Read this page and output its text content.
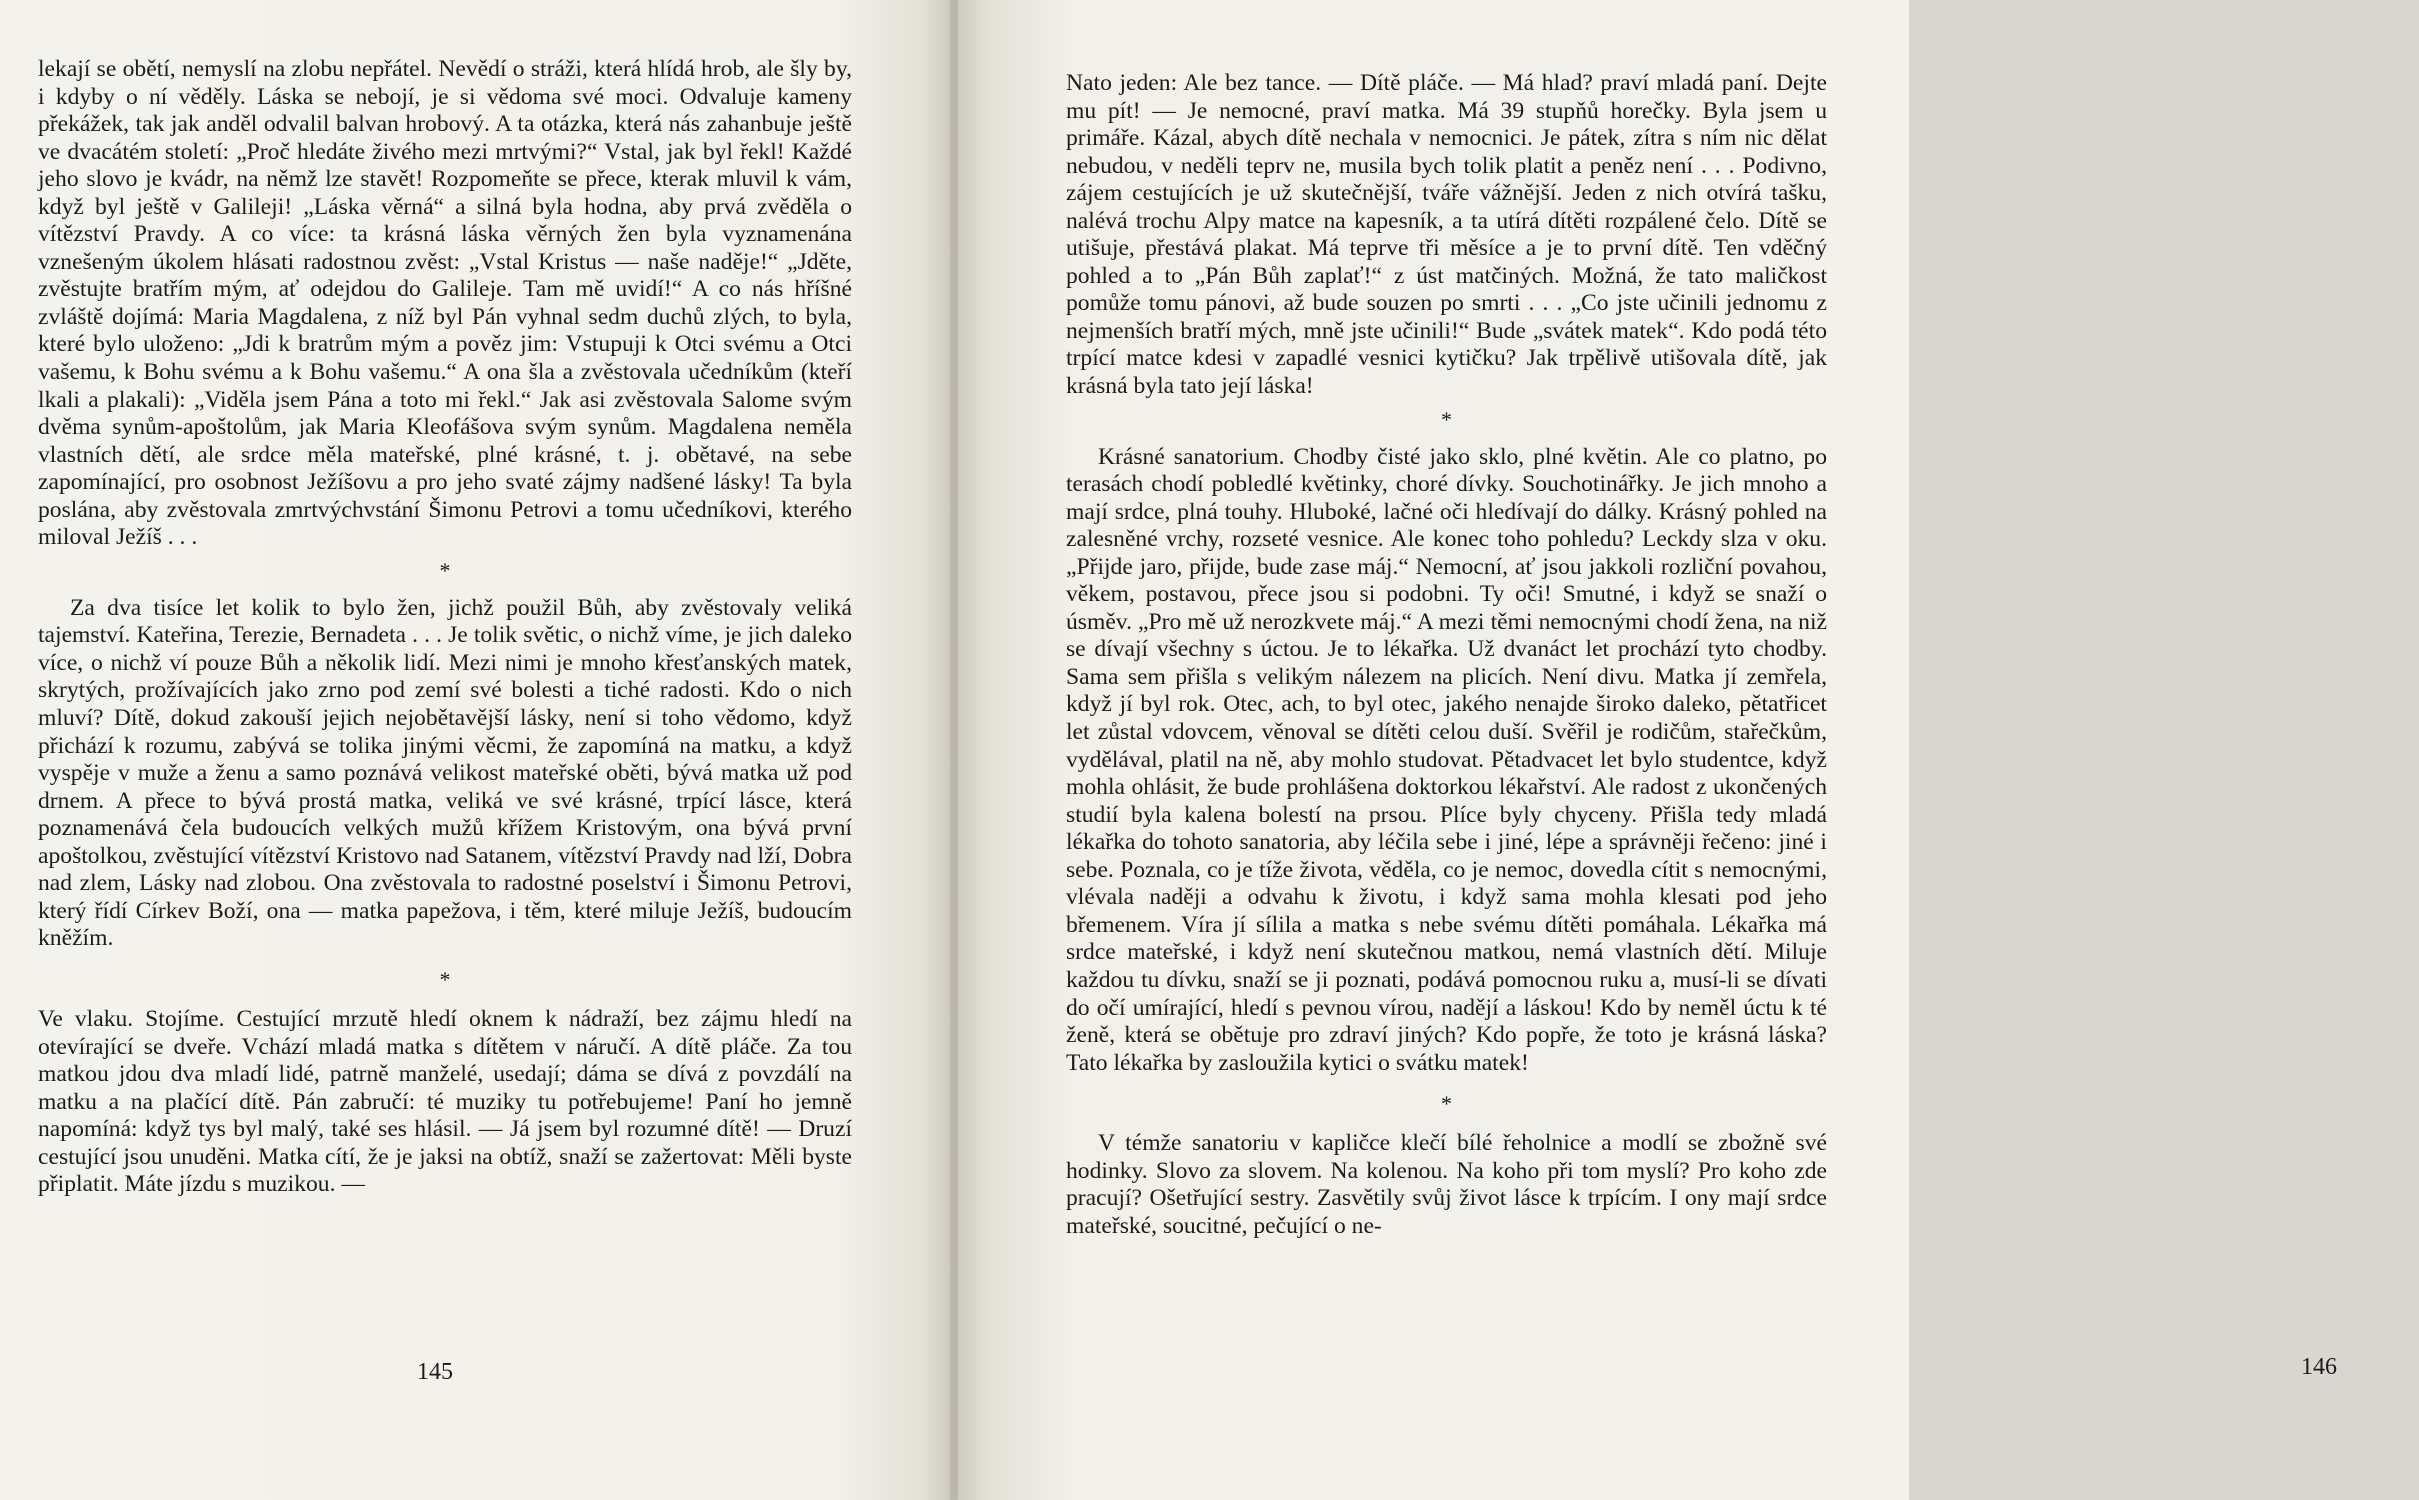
lekají se obětí, nemyslí na zlobu nepřátel. Nevědí o stráži, která hlídá hrob, ale šly by, i kdyby o ní věděly. Láska se nebojí, je si vědoma své moci. Odvaluje kameny překážek, tak jak anděl odvalil balvan hrobový. A ta otázka, která nás zahanbuje ještě ve dvacátém století: „Proč hledáte živého mezi mrtvými?“ Vstal, jak byl řekl! Každé jeho slovo je kvádr, na němž lze stavět! Rozpomeňte se přece, kterak mluvil k vám, když byl ještě v Galileji! „Láska věrná“ a silná byla hodna, aby prvá zvěděla o vítězství Pravdy. A co více: ta krásná láska věrných žen byla vyznamenána vznešeným úkolem hlásati radostnou zvěst: „Vstal Kristus — naše naděje!“ „Jděte, zvěstujte bratřím mým, ať odejdou do Galileje. Tam mě uvidí!“ A co nás hříšné zvláště dojímá: Maria Magdalena, z níž byl Pán vyhnal sedm duchů zlých, to byla, které bylo uloženo: „Jdi k bratrům mým a pověz jim: Vstupuji k Otci svému a Otci vašemu, k Bohu svému a k Bohu vašemu.“ A ona šla a zvěstovala učedníkům (kteří lkali a plakali): „Viděla jsem Pána a toto mi řekl.“ Jak asi zvěstovala Salome svým dvěma synům-apoštolům, jak Maria Kleofášova svým synům. Magdalena neměla vlastních dětí, ale srdce měla mateřské, plné krásné, t. j. obětavé, na sebe zapomínající, pro osobnost Ježíšovu a pro jeho svaté zájmy nadšené lásky! Ta byla poslána, aby zvěstovala zmrtvýchvstání Šimonu Petrovi a tomu učedníkovi, kterého miloval Ježíš . . .

*

Za dva tisíce let kolik to bylo žen, jichž použil Bůh, aby zvěstovaly veliká tajemství. Kateřina, Terezie, Bernadeta . . . Je tolik světic, o nichž víme, je jich daleko více, o nichž ví pouze Bůh a několik lidí. Mezi nimi je mnoho křesťanských matek, skrytých, prožívajících jako zrno pod zemí své bolesti a tiché radosti. Kdo o nich mluví? Dítě, dokud zakouší jejich nejobětavější lásky, není si toho vědomo, když přichází k rozumu, zabývá se tolika jinými věcmi, že zapomíná na matku, a když vyspěje v muže a ženu a samo poznává velikost mateřské oběti, bývá matka už pod drnem. A přece to bývá prostá matka, veliká ve své krásné, trpící lásce, která poznamenává čela budoucích velkých mužů křížem Kristovým, ona bývá první apoštolkou, zvěstující vítězství Kristovo nad Satanem, vítězství Pravdy nad lží, Dobra nad zlem, Lásky nad zlobou. Ona zvěstovala to radostné poselství i Šimonu Petrovi, který řídí Církev Boží, ona — matka papežova, i těm, které miluje Ježíš, budoucím kněžím.

*

Ve vlaku. Stojíme. Cestující mrzutě hledí oknem k nádraží, bez zájmu hledí na otevírající se dveře. Vchází mladá matka s dítětem v náručí. A dítě pláče. Za tou matkou jdou dva mladí lidé, patrně manželé, usedají; dáma se dívá z povzdálí na matku a na plačící dítě. Pán zabručí: té muziky tu potřebujeme! Paní ho jemně napomíná: když tys byl malý, také ses hlásil. — Já jsem byl rozumné dítě! — Druzí cestující jsou unuděni. Matka cítí, že je jaksi na obtíž, snaží se zažertovat: Měli byste připlatit. Máte jízdu s muzikou. —

145

Nato jeden: Ale bez tance. — Dítě pláče. — Má hlad? praví mladá paní. Dejte mu pít! — Je nemocné, praví matka. Má 39 stupňů horečky. Byla jsem u primáře. Kázal, abych dítě nechala v nemocnici. Je pátek, zítra s ním nic dělat nebudou, v neděli teprv ne, musila bych tolik platit a peněz není . . . Podivno, zájem cestujících je už skutečnější, tváře vážnější. Jeden z nich otvírá tašku, nalévá trochu Alpy matce na kapesník, a ta utírá dítěti rozpálené čelo. Dítě se utišuje, přestává plakat. Má teprve tři měsíce a je to první dítě. Ten vděčný pohled a to „Pán Bůh zaplať!“ z úst matčiných. Možná, že tato maličkost pomůže tomu pánovi, až bude souzen po smrti . . . „Co jste učinili jednomu z nejmenších bratří mých, mně jste učinili!“ Bude „svátek matek“. Kdo podá této trpící matce kdesi v zapadlé vesnici kytičku? Jak trpělivě utišovala dítě, jak krásná byla tato její láska!

*

Krásné sanatorium. Chodby čisté jako sklo, plné květin. Ale co platno, po terasách chodí pobledlé květinky, choré dívky. Souchotinářky. Je jich mnoho a mají srdce, plná touhy. Hluboké, lačné oči hledívají do dálky. Krásný pohled na zalesněné vrchy, rozseté vesnice. Ale konec toho pohledu? Leckdy slza v oku. „Přijde jaro, přijde, bude zase máj.“ Nemocní, ať jsou jakkoli rozliční povahou, věkem, postavou, přece jsou si podobni. Ty oči! Smutné, i když se snaží o úsměv. „Pro mě už nerozkvete máj.“ A mezi těmi nemocnými chodí žena, na niž se dívají všechny s úctou. Je to lékařka. Už dvanáct let prochází tyto chodby. Sama sem přišla s velikým nálezem na plicích. Není divu. Matka jí zemřela, když jí byl rok. Otec, ach, to byl otec, jakého nenajde široko daleko, pětatřicet let zůstal vdovcem, věnoval se dítěti celou duší. Svěřil je rodičům, stařečkům, vydělával, platil na ně, aby mohlo studovat. Pětadvacet let bylo studentce, když mohla ohlásit, že bude prohlášena doktorkou lékařství. Ale radost z ukončených studií byla kalena bolestí na prsou. Plíce byly chyceny. Přišla tedy mladá lékařka do tohoto sanatoria, aby léčila sebe i jiné, lépe a správněji řečeno: jiné i sebe. Poznala, co je tíže života, věděla, co je nemoc, dovedla cítit s nemocnými, vlévala naději a odvahu k životu, i když sama mohla klesati pod jeho břemenem. Víra jí sílila a matka s nebe svému dítěti pomáhala. Lékařka má srdce mateřské, i když není skutečnou matkou, nemá vlastních dětí. Miluje každou tu dívku, snaží se ji poznati, podává pomocnou ruku a, musí-li se dívati do očí umírající, hledí s pevnou vírou, nadějí a láskou! Kdo by neměl úctu k té ženě, která se obětuje pro zdraví jiných? Kdo popře, že toto je krásná láska? Tato lékařka by zasloužila kytici o svátku matek!

*

V témže sanatoriu v kapličce klečí bílé řeholnice a modlí se zbožně své hodinky. Slovo za slovem. Na kolenou. Na koho při tom myslí? Pro koho zde pracují? Ošetřující sestry. Zasvětily svůj život lásce k trpícím. I ony mají srdce mateřské, soucitné, pečující o ne-

146
